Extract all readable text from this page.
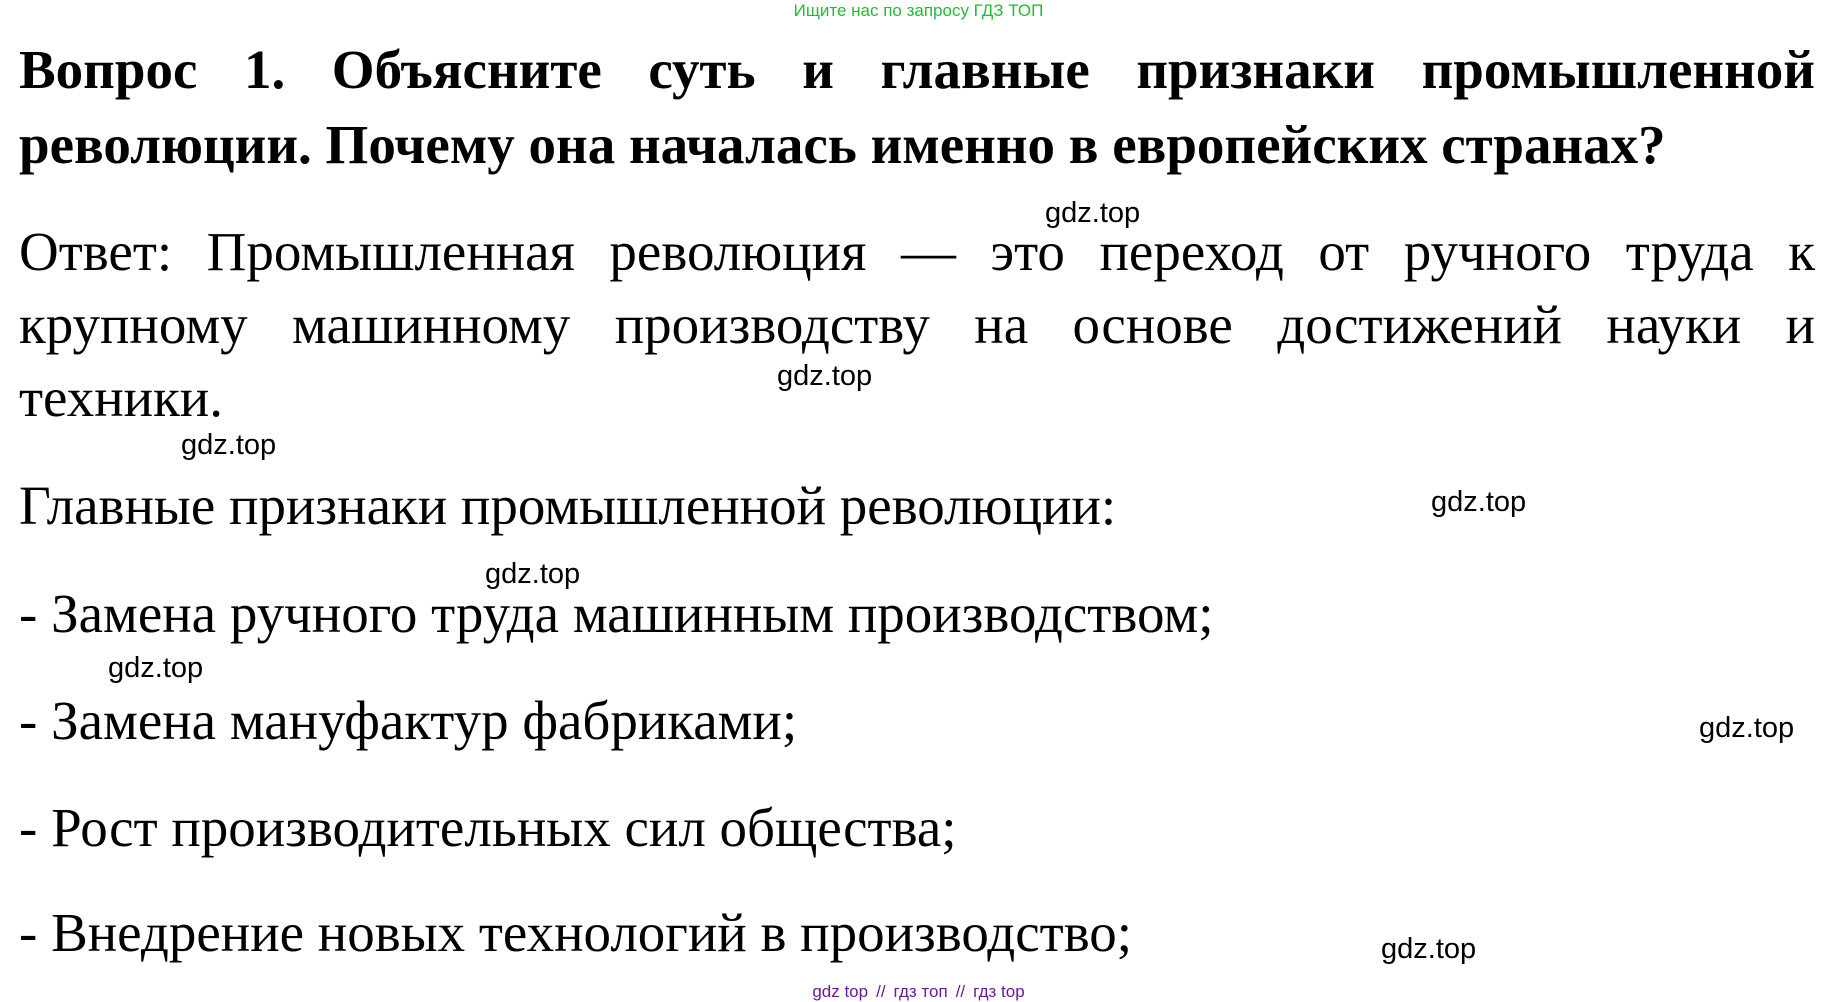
Ищите нас по запросу ГДЗ ТОП

Вопрос 1. Объясните суть и главные признаки промышленной революции. Почему она началась именно в европейских странах?

Ответ: Промышленная революция — это переход от ручного труда к крупному машинному производству на основе достижений науки и техники.

Главные признаки промышленной революции:

- Замена ручного труда машинным производством;

- Замена мануфактур фабриками;

- Рост производительных сил общества;

- Внедрение новых технологий в производство;

gdz.top
gdz.top
gdz.top
gdz.top
gdz.top
gdz.top
gdz.top
gdz.top
gdz top // гдз топ // гдз top
